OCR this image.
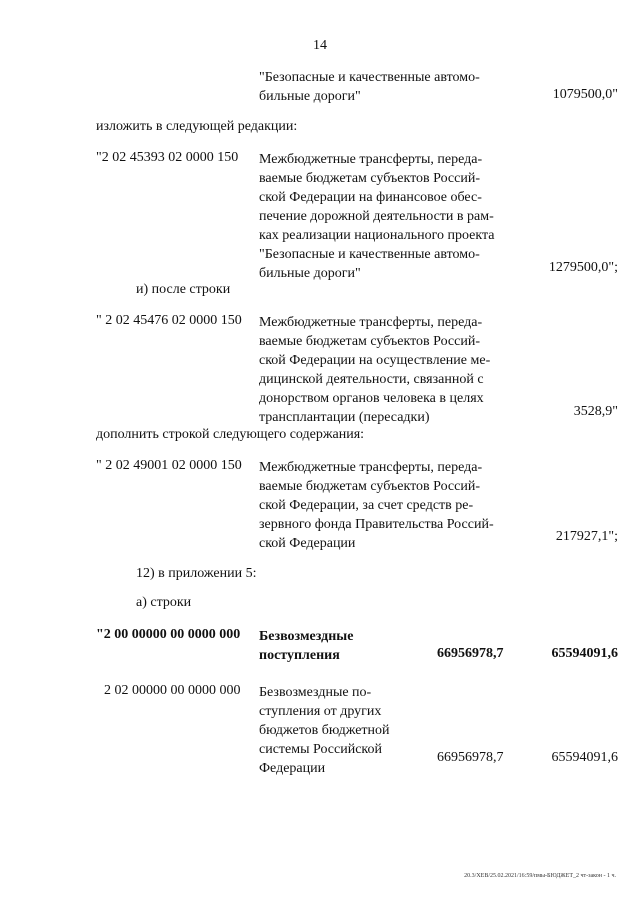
14
"Безопасные и качественные автомо-
бильные дороги"	1079500,0"
изложить в следующей редакции:
"2 02 45393 02 0000 150 Межбюджетные трансферты, переда-
ваемые бюджетам субъектов Россий-
ской Федерации на финансовое обес-
печение дорожной деятельности в рам-
ках реализации национального проекта
"Безопасные и качественные автомо-
бильные дороги"	1279500,0";
и) после строки
" 2 02 45476 02 0000 150 Межбюджетные трансферты, переда-
ваемые бюджетам субъектов Россий-
ской Федерации на осуществление ме-
дицинской деятельности, связанной с
донорством органов человека в целях
трансплантации (пересадки)	3528,9"
дополнить строкой следующего содержания:
" 2 02 49001 02 0000 150 Межбюджетные трансферты, переда-
ваемые бюджетам субъектов Россий-
ской Федерации, за счет средств ре-
зервного фонда Правительства Россий-
ской Федерации	217927,1";
12) в приложении 5:
а) строки
"2 00 00000 00 0000 000 Безвозмездные
поступления	66956978,7	65594091,6
2 02 00000 00 0000 000 Безвозмездные по-
ступления от других
бюджетов бюджетной
системы Российской
Федерации
66956978,7	65594091,6
20.3/XEB/25.02.2021/16:59/пмы-БЮДЖЕТ_2 чт-закон - 1 ч.
